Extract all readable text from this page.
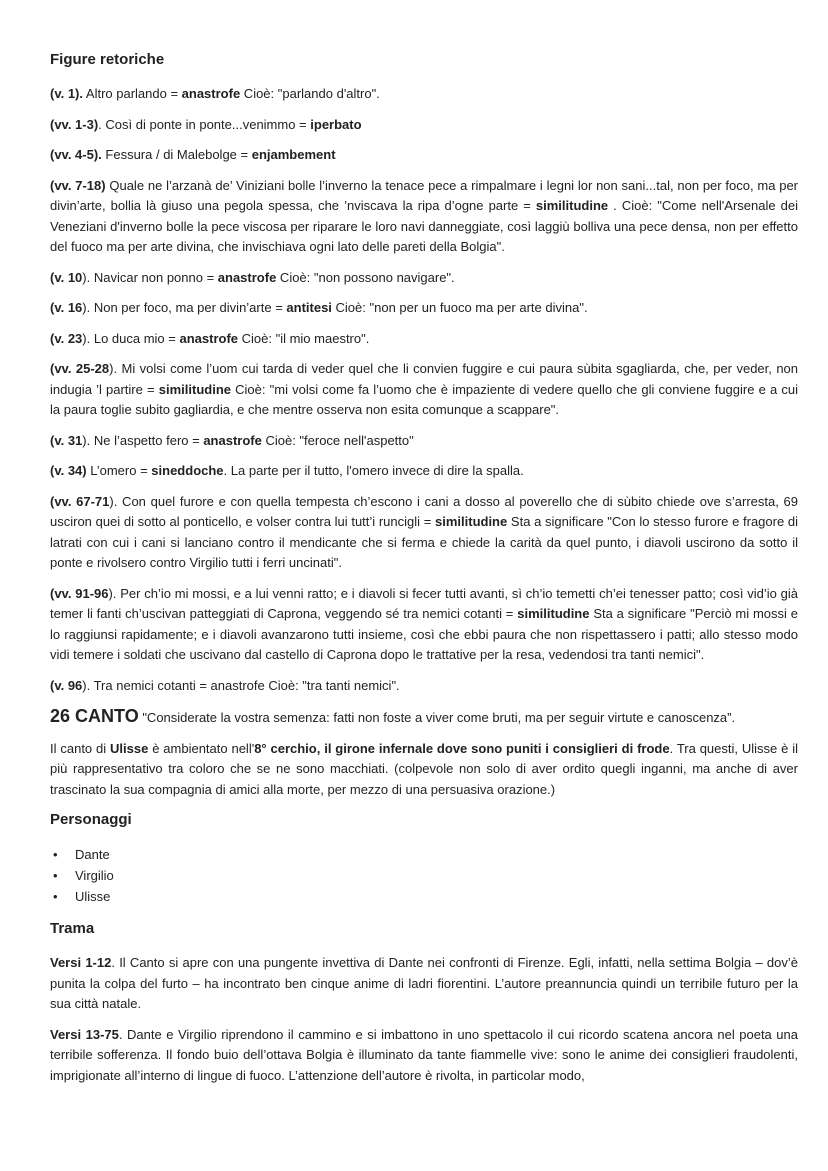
Figure retoriche

(v. 1). Altro parlando = anastrofe Cioè: "parlando d'altro".

(vv. 1-3). Così di ponte in ponte...venimmo = iperbato

(vv. 4-5). Fessura / di Malebolge = enjambement

(vv. 7-18) Quale ne l’arzanà de’ Viniziani bolle l’inverno la tenace pece a rimpalmare i legni lor non sani...tal, non per foco, ma per divin’arte, bollia là giuso una pegola spessa, che ’nviscava la ripa d’ogne parte = similitudine . Cioè: "Come nell'Arsenale dei Veneziani d'inverno bolle la pece viscosa per riparare le loro navi danneggiate, così laggiù bolliva una pece densa, non per effetto del fuoco ma per arte divina, che invischiava ogni lato delle pareti della Bolgia".

(v. 10). Navicar non ponno = anastrofe Cioè: "non possono navigare".

(v. 16). Non per foco, ma per divin’arte = antitesi Cioè: "non per un fuoco ma per arte divina".

(v. 23). Lo duca mio = anastrofe Cioè: "il mio maestro".

(vv. 25-28). Mi volsi come l’uom cui tarda di veder quel che li convien fuggire e cui paura sùbita sgagliarda, che, per veder, non indugia ’l partire = similitudine Cioè: "mi volsi come fa l’uomo che è impaziente di vedere quello che gli conviene fuggire e a cui la paura toglie subito gagliardia, e che mentre osserva non esita comunque a scappare".

(v. 31). Ne l’aspetto fero = anastrofe Cioè: "feroce nell'aspetto"

(v. 34) L’omero = sineddoche. La parte per il tutto, l'omero invece di dire la spalla.

(vv. 67-71). Con quel furore e con quella tempesta ch’escono i cani a dosso al poverello che di sùbito chiede ove s’arresta, 69 usciron quei di sotto al ponticello, e volser contra lui tutt’i runcigli = similitudine Sta a significare "Con lo stesso furore e fragore di latrati con cui i cani si lanciano contro il mendicante che si ferma e chiede la carità da quel punto, i diavoli uscirono da sotto il ponte e rivolsero contro Virgilio tutti i ferri uncinati".

(vv. 91-96). Per ch’io mi mossi, e a lui venni ratto; e i diavoli si fecer tutti avanti, sì ch’io temetti ch’ei tenesser patto; così vid’io già temer li fanti ch’uscivan patteggiati di Caprona, veggendo sé tra nemici cotanti = similitudine Sta a significare "Perciò mi mossi e lo raggiunsi rapidamente; e i diavoli avanzarono tutti insieme, così che ebbi paura che non rispettassero i patti; allo stesso modo vidi temere i soldati che uscivano dal castello di Caprona dopo le trattative per la resa, vedendosi tra tanti nemici".

(v. 96). Tra nemici cotanti = anastrofe Cioè: "tra tanti nemici".

26 CANTO "Considerate la vostra semenza: fatti non foste a viver come bruti, ma per seguir virtute e canoscenza”.

Il canto di Ulisse è ambientato nell'8° cerchio, il girone infernale dove sono puniti i consiglieri di frode. Tra questi, Ulisse è il più rappresentativo tra coloro che se ne sono macchiati. (colpevole non solo di aver ordito quegli inganni, ma anche di aver trascinato la sua compagnia di amici alla morte, per mezzo di una persuasiva orazione.)

Personaggi
• Dante
• Virgilio
• Ulisse
Trama

Versi 1-12. Il Canto si apre con una pungente invettiva di Dante nei confronti di Firenze. Egli, infatti, nella settima Bolgia – dov’è punita la colpa del furto – ha incontrato ben cinque anime di ladri fiorentini. L’autore preannuncia quindi un terribile futuro per la sua città natale.

Versi 13-75. Dante e Virgilio riprendono il cammino e si imbattono in uno spettacolo il cui ricordo scatena ancora nel poeta una terribile sofferenza. Il fondo buio dell’ottava Bolgia è illuminato da tante fiammelle vive: sono le anime dei consiglieri fraudolenti, imprigionate all’interno di lingue di fuoco. L’attenzione dell’autore è rivolta, in particolar modo,
